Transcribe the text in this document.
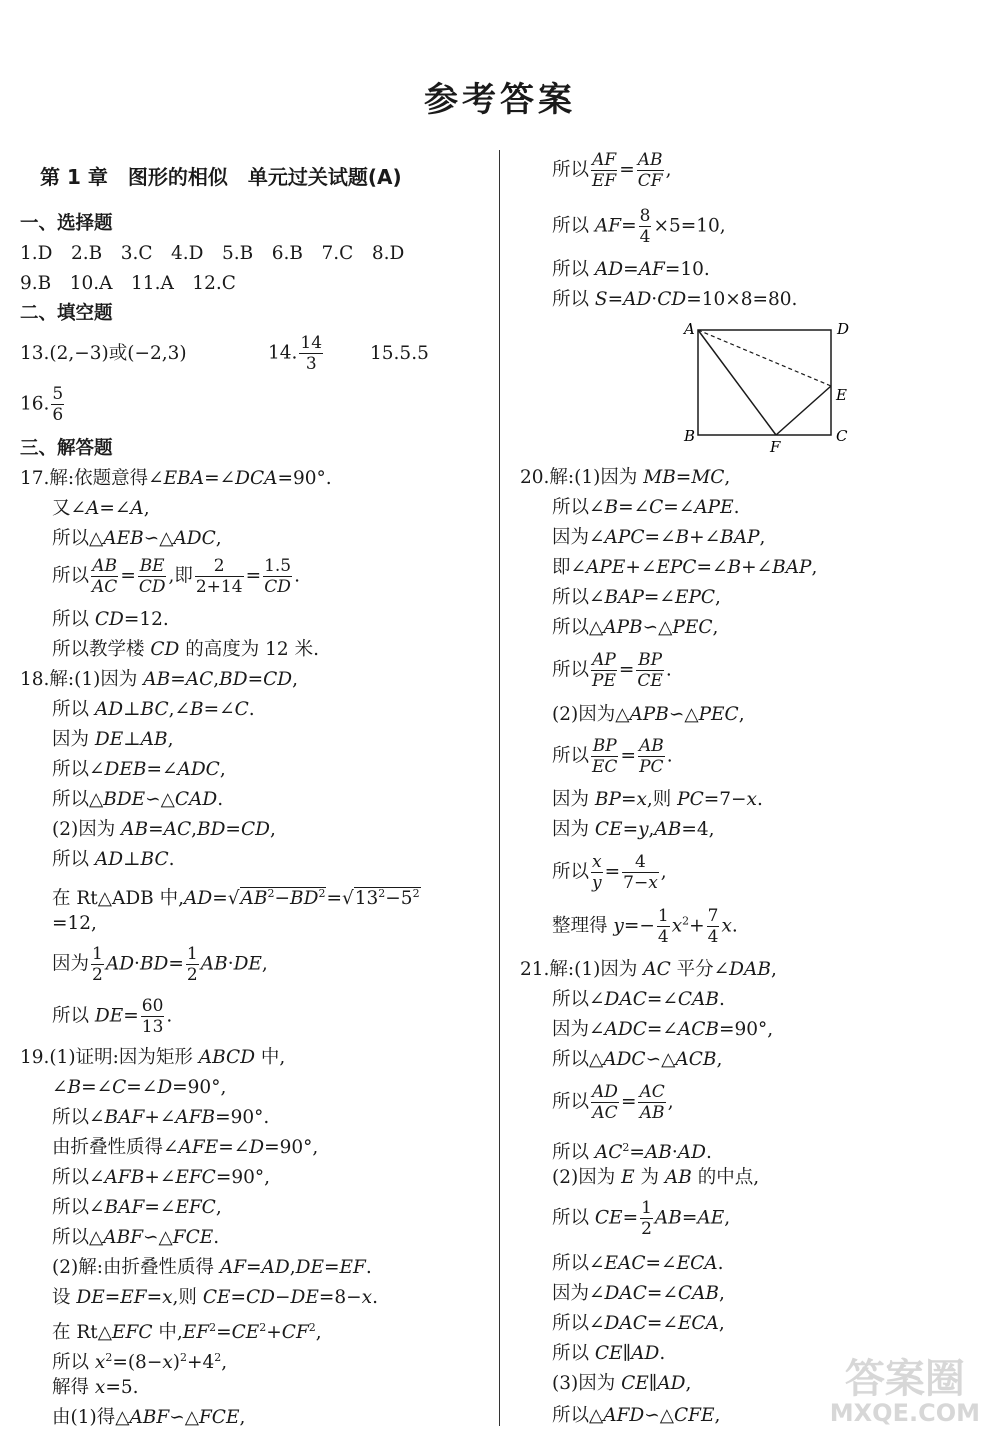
参考答案
第 1 章　图形的相似　单元过关试题(A)
一、选择题
1.D　2.B　3.C　4.D　5.B　6.B　7.C　8.D
9.B　10.A　11.A　12.C
二、填空题
13.(2,−3)或(−2,3)	14. $\frac{14}{3}$	15.5.5
16. $\frac{5}{6}$
三、解答题
17.解:依题意得∠EBA=∠DCA=90°.
又∠A=∠A,
所以△AEB∽△ADC,
所以 $\frac{AB}{AC} = \frac{BE}{CD}$ ,即 $\frac{2}{2+14} = \frac{1.5}{CD}$ .
所以 CD=12.
所以教学楼 CD 的高度为 12 米.
18.解:(1)因为 AB=AC,BD=CD,
所以 AD⊥BC,∠B=∠C.
因为 DE⊥AB,
所以∠DEB=∠ADC,
所以△BDE∽△CAD.
(2)因为 AB=AC,BD=CD,
所以 AD⊥BC.
在 Rt△ADB 中$,AD=√AB^2-BD^2=√13^2-5^2$
=12,
因为 $\frac{1}{2} AD\cdot BD= \frac{1}{2} AB\cdot DE$,
所以 $DE= \frac{60}{13}$ .
19.(1)证明:因为矩形 ABCD 中,
∠B=∠C=∠D=90°,
所以∠BAF+∠AFB=90°.
由折叠性质得∠AFE=∠D=90°,
所以∠AFB+∠EFC=90°,
所以∠BAF=∠EFC,
所以△ABF∽△FCE.
(2)解:由折叠性质得 AF=AD,DE=EF.
设 DE=EF=x,则 CE=CD−DE=8−x.
在 Rt△EFC 中$,EF^2=CE^2+CF^2$,
所以 $x^2=(8-x)^2+4^2$,
解得 x=5.
由(1)得△ABF∽△FCE,
所以 $\frac{AF}{EF} = \frac{AB}{CF}$ ,
所以 $AF= \frac{8}{4} \times 5=10$,
所以 AD=AF=10.
所以 S=AD·CD=10×8=80.
A	D
E
B	C
F
20.解:(1)因为 MB=MC,
所以∠B=∠C=∠APE.
因为∠APC=∠B+∠BAP,
即∠APE+∠EPC=∠B+∠BAP,
所以∠BAP=∠EPC,
所以△APB∽△PEC,
所以 $\frac{AP}{PE} = \frac{BP}{CE}$ .
(2)因为△APB∽△PEC,
所以 $\frac{BP}{EC} = \frac{AB}{PC}$ .
因为 BP=x,则 PC=7−x.
因为 CE=y,AB=4,
所以 $\frac{x}{y} = \frac{4}{7-x}$ ,
整理得 $y=- \frac{1}{4} x^2+ \frac{7}{4} x$.
21.解:(1)因为 AC 平分∠DAB,
所以∠DAC=∠CAB.
因为∠ADC=∠ACB=90°,
所以△ADC∽△ACB,
所以 $\frac{AD}{AC} = \frac{AC}{AB}$ ,
所以 $AC^2=AB\cdot AD$.
(2)因为 E 为 AB 的中点,
所以 $CE= \frac{1}{2} AB=AE$,
所以∠EAC=∠ECA.
因为∠DAC=∠CAB,
所以∠DAC=∠ECA,
所以 CE∥AD.
(3)因为 CE∥AD,
所以△AFD∽△CFE,
答案圈
MXQE.COM
